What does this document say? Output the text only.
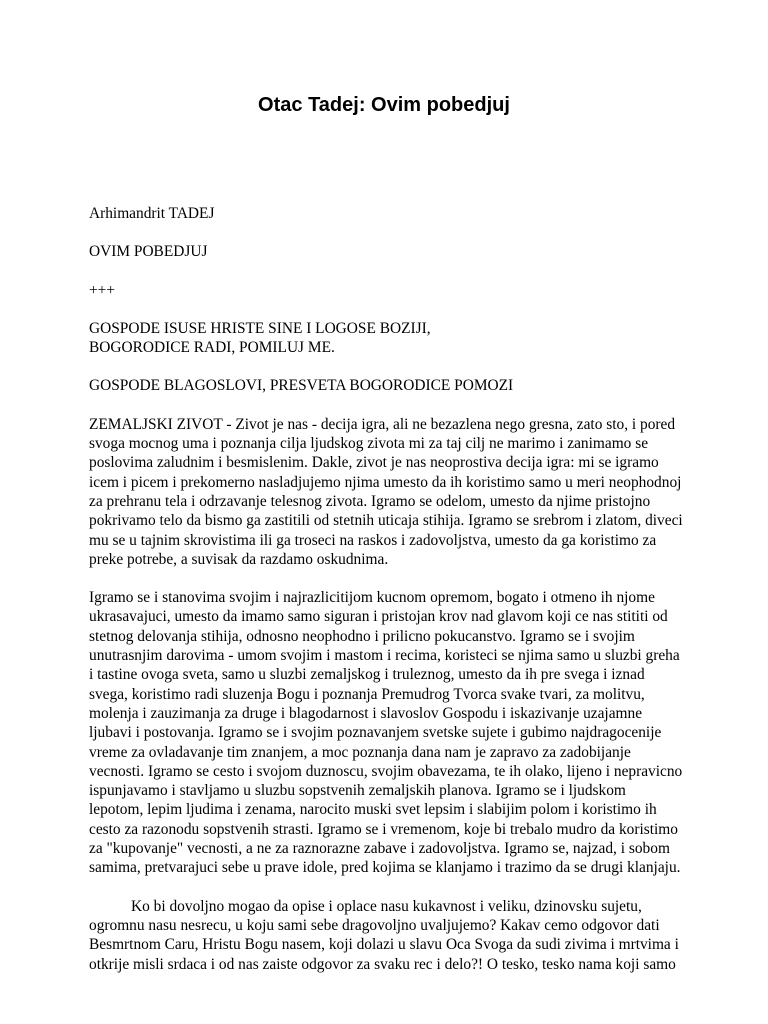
Otac Tadej: Ovim pobedjuj

Arhimandrit TADEJ

OVIM POBEDJUJ

+++

GOSPODE ISUSE HRISTE SINE I LOGOSE BOZIJI,
BOGORODICE RADI, POMILUJ ME.

GOSPODE BLAGOSLOVI, PRESVETA BOGORODICE POMOZI

ZEMALJSKI ZIVOT - Zivot je nas - decija igra, ali ne bezazlena nego gresna, zato sto, i pored svoga mocnog uma i poznanja cilja ljudskog zivota mi za taj cilj ne marimo i zanimamo se poslovima zaludnim i besmislenim. Dakle, zivot je nas neoprostiva decija igra: mi se igramo icem i picem i prekomerno nasladjujemo njima umesto da ih koristimo samo u meri neophodnoj za prehranu tela i odrzavanje telesnog zivota. Igramo se odelom, umesto da njime pristojno pokrivamo telo da bismo ga zastitili od stetnih uticaja stihija. Igramo se srebrom i zlatom, diveci mu se u tajnim skrovistima ili ga troseci na raskos i zadovoljstva, umesto da ga koristimo za preke potrebe, a suvisak da razdamo oskudnima.

Igramo se i stanovima svojim i najrazlicitijom kucnom opremom, bogato i otmeno ih njome ukrasavajuci, umesto da imamo samo siguran i pristojan krov nad glavom koji ce nas stititi od stetnog delovanja stihija, odnosno neophodno i prilicno pokucanstvo. Igramo se i svojim unutrasnjim darovima - umom svojim i mastom i recima, koristeci se njima samo u sluzbi greha i tastine ovoga sveta, samo u sluzbi zemaljskog i truleznog, umesto da ih pre svega i iznad svega, koristimo radi sluzenja Bogu i poznanja Premudrog Tvorca svake tvari, za molitvu, molenja i zauzimanja za druge i blagodarnost i slavoslov Gospodu i iskazivanje uzajamne ljubavi i postovanja. Igramo se i svojim poznavanjem svetske sujete i gubimo najdragocenije vreme za ovladavanje tim znanjem, a moc poznanja dana nam je zapravo za zadobijanje vecnosti. Igramo se cesto i svojom duznoscu, svojim obavezama, te ih olako, lijeno i nepravicno ispunjavamo i stavljamo u sluzbu sopstvenih zemaljskih planova. Igramo se i ljudskom lepotom, lepim ljudima i zenama, narocito muski svet lepsim i slabijim polom i koristimo ih cesto za razonodu sopstvenih strasti. Igramo se i vremenom, koje bi trebalo mudro da koristimo za "kupovanje" vecnosti, a ne za raznorazne zabave i zadovoljstva. Igramo se, najzad, i sobom samima, pretvarajuci sebe u prave idole, pred kojima se klanjamo i trazimo da se drugi klanjaju.

Ko bi dovoljno mogao da opise i oplace nasu kukavnost i veliku, dzinovsku sujetu, ogromnu nasu nesrecu, u koju sami sebe dragovoljno uvaljujemo? Kakav cemo odgovor dati Besmrtnom Caru, Hristu Bogu nasem, koji dolazi u slavu Oca Svoga da sudi zivima i mrtvima i otkrije misli srdaca i od nas zaiste odgovor za svaku rec i delo?! O tesko, tesko nama koji samo
